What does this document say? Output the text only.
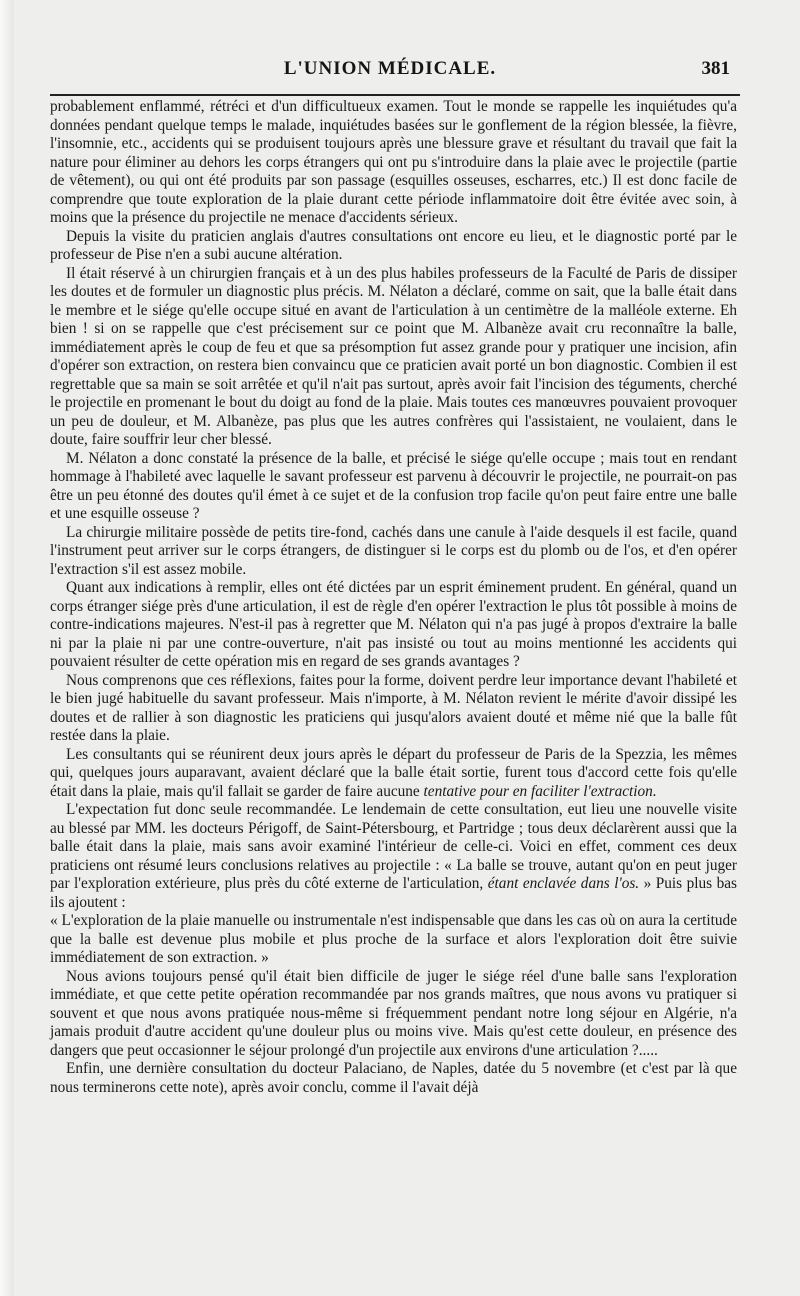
L'UNION MÉDICALE.	381

probablement enflammé, rétréci et d'un difficultueux examen. Tout le monde se rappelle les inquiétudes qu'a données pendant quelque temps le malade, inquiétudes basées sur le gonflement de la région blessée, la fièvre, l'insomnie, etc., accidents qui se produisent toujours après une blessure grave et résultant du travail que fait la nature pour éliminer au dehors les corps étrangers qui ont pu s'introduire dans la plaie avec le projectile (partie de vêtement), ou qui ont été produits par son passage (esquilles osseuses, escharres, etc.) Il est donc facile de comprendre que toute exploration de la plaie durant cette période inflammatoire doit être évitée avec soin, à moins que la présence du projectile ne menace d'accidents sérieux.

Depuis la visite du praticien anglais d'autres consultations ont encore eu lieu, et le diagnostic porté par le professeur de Pise n'en a subi aucune altération.

Il était réservé à un chirurgien français et à un des plus habiles professeurs de la Faculté de Paris de dissiper les doutes et de formuler un diagnostic plus précis. M. Nélaton a déclaré, comme on sait, que la balle était dans le membre et le siége qu'elle occupe situé en avant de l'articulation à un centimètre de la malléole externe. Eh bien ! si on se rappelle que c'est précisement sur ce point que M. Albanèze avait cru reconnaître la balle, immédiatement après le coup de feu et que sa présomption fut assez grande pour y pratiquer une incision, afin d'opérer son extraction, on restera bien convaincu que ce praticien avait porté un bon diagnostic. Combien il est regrettable que sa main se soit arrêtée et qu'il n'ait pas surtout, après avoir fait l'incision des téguments, cherché le projectile en promenant le bout du doigt au fond de la plaie. Mais toutes ces manœuvres pouvaient provoquer un peu de douleur, et M. Albanèze, pas plus que les autres confrères qui l'assistaient, ne voulaient, dans le doute, faire souffrir leur cher blessé.

M. Nélaton a donc constaté la présence de la balle, et précisé le siége qu'elle occupe ; mais tout en rendant hommage à l'habileté avec laquelle le savant professeur est parvenu à découvrir le projectile, ne pourrait-on pas être un peu étonné des doutes qu'il émet à ce sujet et de la confusion trop facile qu'on peut faire entre une balle et une esquille osseuse ?

La chirurgie militaire possède de petits tire-fond, cachés dans une canule à l'aide desquels il est facile, quand l'instrument peut arriver sur le corps étrangers, de distinguer si le corps est du plomb ou de l'os, et d'en opérer l'extraction s'il est assez mobile.

Quant aux indications à remplir, elles ont été dictées par un esprit éminement prudent. En général, quand un corps étranger siége près d'une articulation, il est de règle d'en opérer l'extraction le plus tôt possible à moins de contre-indications majeures. N'est-il pas à regretter que M. Nélaton qui n'a pas jugé à propos d'extraire la balle ni par la plaie ni par une contre-ouverture, n'ait pas insisté ou tout au moins mentionné les accidents qui pouvaient résulter de cette opération mis en regard de ses grands avantages ?

Nous comprenons que ces réflexions, faites pour la forme, doivent perdre leur importance devant l'habileté et le bien jugé habituelle du savant professeur. Mais n'importe, à M. Nélaton revient le mérite d'avoir dissipé les doutes et de rallier à son diagnostic les praticiens qui jusqu'alors avaient douté et même nié que la balle fût restée dans la plaie.

Les consultants qui se réunirent deux jours après le départ du professeur de Paris de la Spezzia, les mêmes qui, quelques jours auparavant, avaient déclaré que la balle était sortie, furent tous d'accord cette fois qu'elle était dans la plaie, mais qu'il fallait se garder de faire aucune tentative pour en faciliter l'extraction.

L'expectation fut donc seule recommandée. Le lendemain de cette consultation, eut lieu une nouvelle visite au blessé par MM. les docteurs Périgoff, de Saint-Pétersbourg, et Partridge ; tous deux déclarèrent aussi que la balle était dans la plaie, mais sans avoir examiné l'intérieur de celle-ci. Voici en effet, comment ces deux praticiens ont résumé leurs conclusions relatives au projectile : « La balle se trouve, autant qu'on en peut juger par l'exploration extérieure, plus près du côté externe de l'articulation, étant enclavée dans l'os. » Puis plus bas ils ajoutent :

« L'exploration de la plaie manuelle ou instrumentale n'est indispensable que dans les cas où on aura la certitude que la balle est devenue plus mobile et plus proche de la surface et alors l'exploration doit être suivie immédiatement de son extraction. »

Nous avions toujours pensé qu'il était bien difficile de juger le siége réel d'une balle sans l'exploration immédiate, et que cette petite opération recommandée par nos grands maîtres, que nous avons vu pratiquer si souvent et que nous avons pratiquée nous-même si fréquemment pendant notre long séjour en Algérie, n'a jamais produit d'autre accident qu'une douleur plus ou moins vive. Mais qu'est cette douleur, en présence des dangers que peut occasionner le séjour prolongé d'un projectile aux environs d'une articulation ?.....

Enfin, une dernière consultation du docteur Palaciano, de Naples, datée du 5 novembre (et c'est par là que nous terminerons cette note), après avoir conclu, comme il l'avait déjà
